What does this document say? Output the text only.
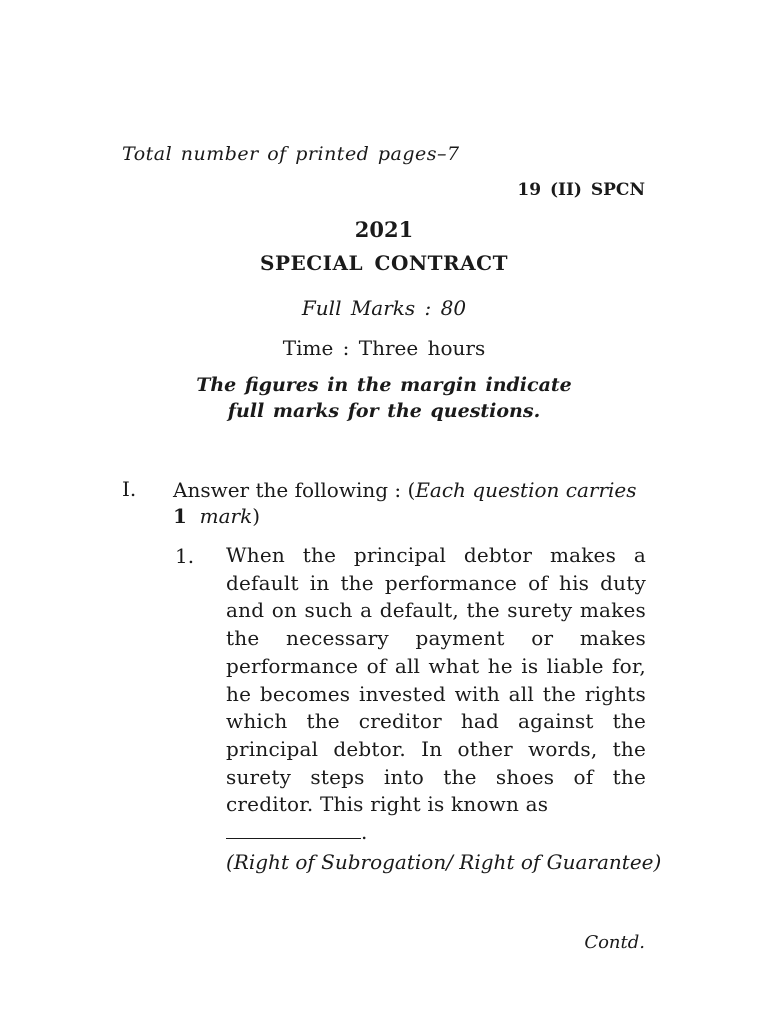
Total number of printed pages–7
19 (II) SPCN
2021
SPECIAL CONTRACT
Full Marks : 80
Time : Three hours
The figures in the margin indicate
full marks for the questions.
I. Answer the following : (Each question carries
1 mark)
1. When the principal debtor makes a default in the performance of his duty and on such a default, the surety makes the necessary payment or makes performance of all what he is liable for, he becomes invested with all the rights which the creditor had against the principal debtor. In other words, the surety steps into the shoes of the creditor. This right is known as
.
(Right of Subrogation/ Right of Guarantee)
Contd.
